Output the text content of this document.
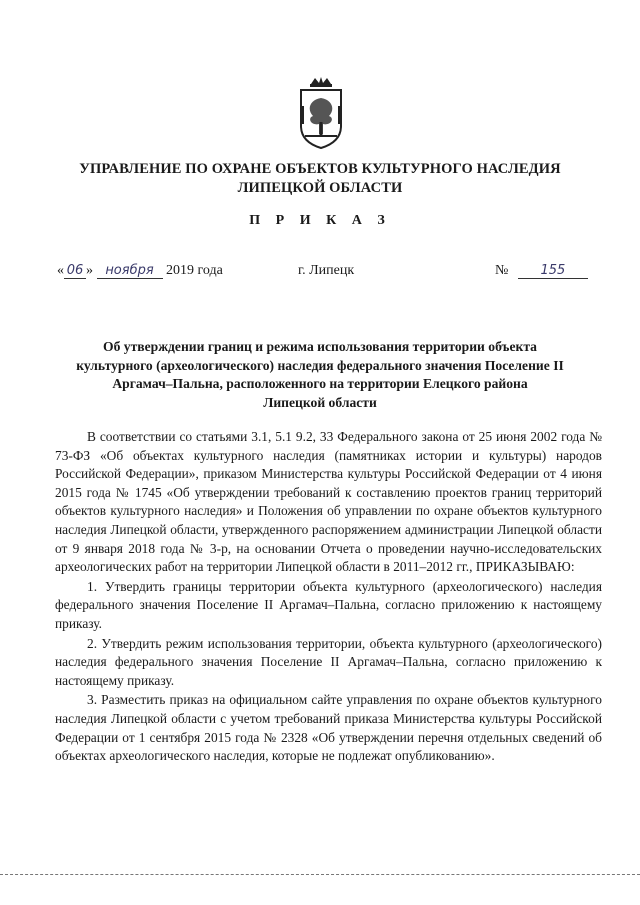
УПРАВЛЕНИЕ ПО ОХРАНЕ ОБЪЕКТОВ КУЛЬТУРНОГО НАСЛЕДИЯ
ЛИПЕЦКОЙ ОБЛАСТИ
П Р И К А З
« 06 » ноября 2019 года	г. Липецк	№ 155
Об утверждении границ и режима использования территории объекта
культурного (археологического) наследия федерального значения Поселение II
Аргамач–Пальна, расположенного на территории Елецкого района
Липецкой области

В соответствии со статьями 3.1, 5.1 9.2, 33 Федерального закона от 25 июня 2002 года № 73-ФЗ «Об объектах культурного наследия (памятниках истории и культуры) народов Российской Федерации», приказом Министерства культуры Российской Федерации от 4 июня 2015 года № 1745 «Об утверждении требований к составлению проектов границ территорий объектов культурного наследия» и Положения об управлении по охране объектов культурного наследия Липецкой области, утвержденного распоряжением администрации Липецкой области от 9 января 2018 года № 3-р, на основании Отчета о проведении научно-исследовательских археологических работ на территории Липецкой области в 2011–2012 гг., ПРИКАЗЫВАЮ:

1. Утвердить границы территории объекта культурного (археологического) наследия федерального значения Поселение II Аргамач–Пальна, согласно приложению к настоящему приказу.

2. Утвердить режим использования территории, объекта культурного (археологического) наследия федерального значения Поселение II Аргамач–Пальна, согласно приложению к настоящему приказу.

3. Разместить приказ на официальном сайте управления по охране объектов культурного наследия Липецкой области с учетом требований приказа Министерства культуры Российской Федерации от 1 сентября 2015 года № 2328 «Об утверждении перечня отдельных сведений об объектах археологического наследия, которые не подлежат опубликованию».
